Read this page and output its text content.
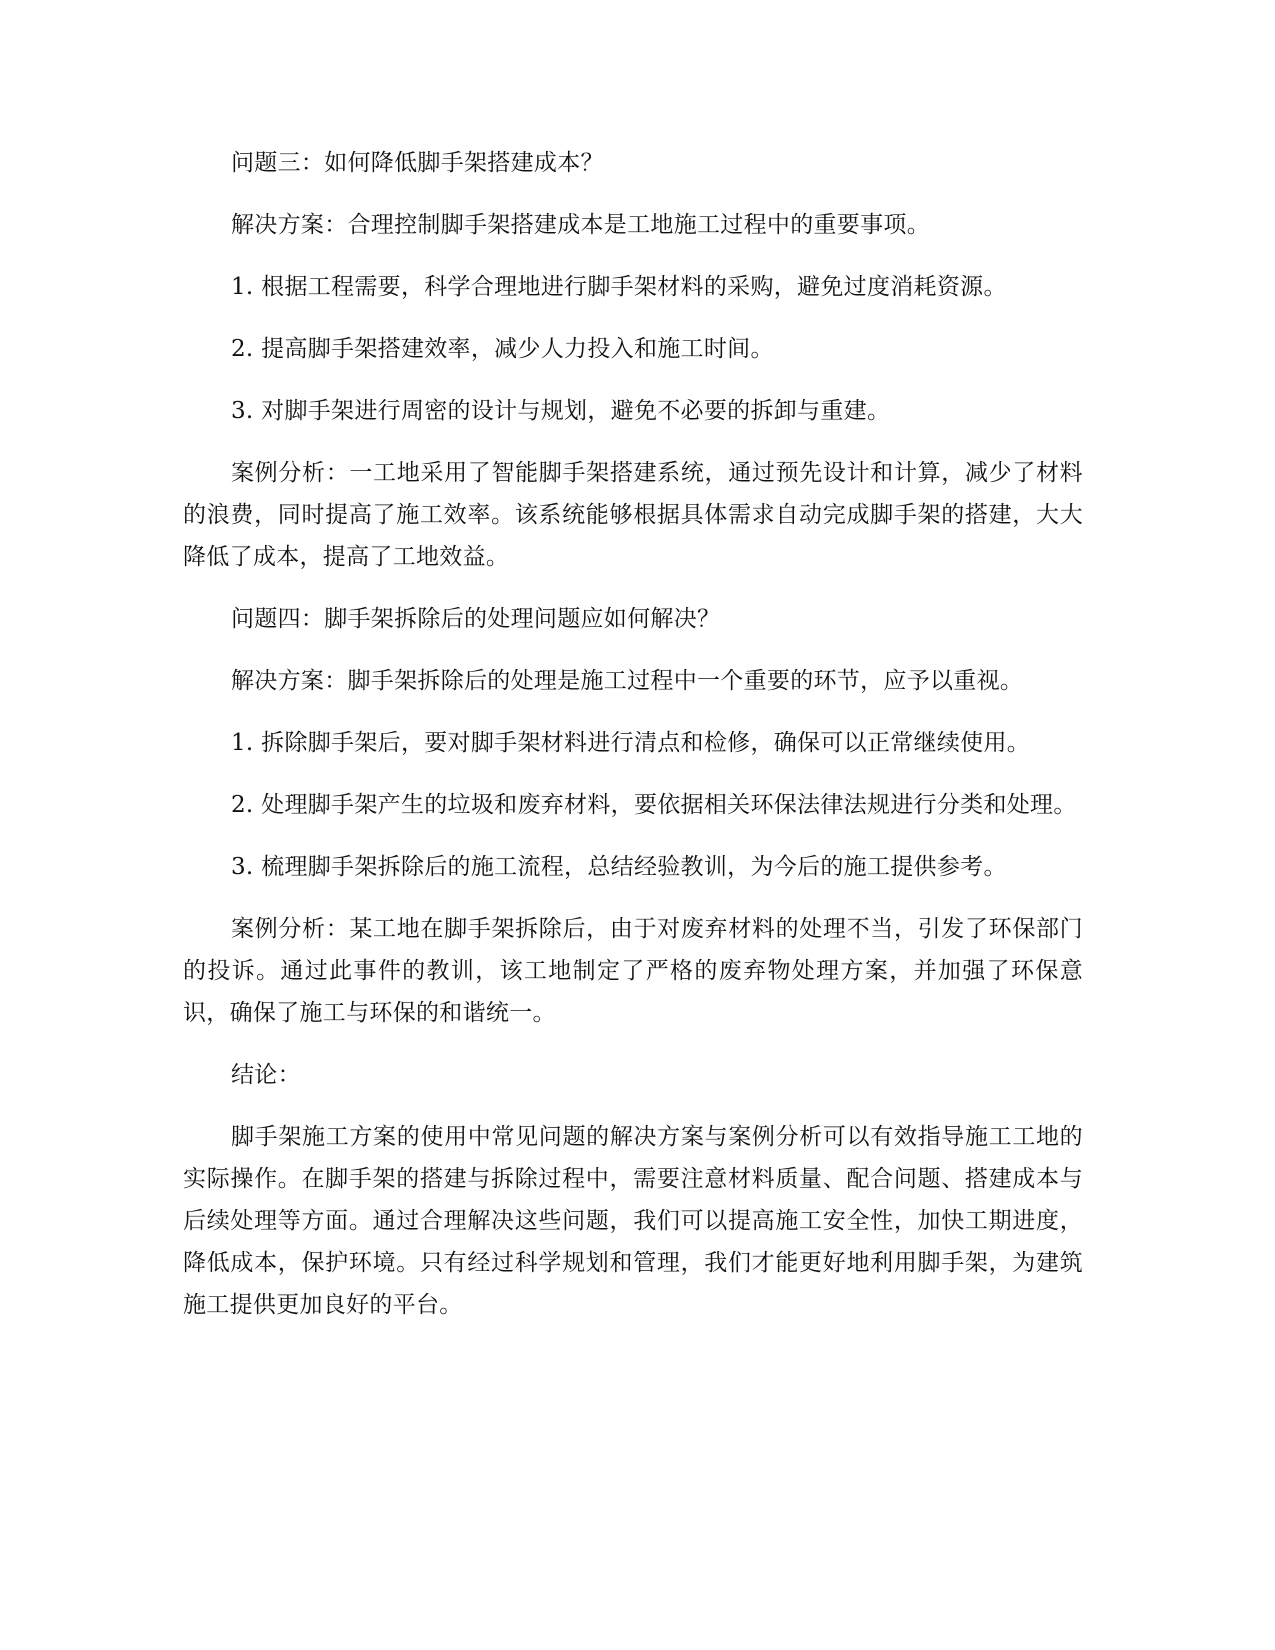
问题三：如何降低脚手架搭建成本？

解决方案：合理控制脚手架搭建成本是工地施工过程中的重要事项。

1. 根据工程需要，科学合理地进行脚手架材料的采购，避免过度消耗资源。

2. 提高脚手架搭建效率，减少人力投入和施工时间。

3. 对脚手架进行周密的设计与规划，避免不必要的拆卸与重建。

案例分析：一工地采用了智能脚手架搭建系统，通过预先设计和计算，减少了材料的浪费，同时提高了施工效率。该系统能够根据具体需求自动完成脚手架的搭建，大大降低了成本，提高了工地效益。

问题四：脚手架拆除后的处理问题应如何解决？

解决方案：脚手架拆除后的处理是施工过程中一个重要的环节，应予以重视。

1. 拆除脚手架后，要对脚手架材料进行清点和检修，确保可以正常继续使用。

2. 处理脚手架产生的垃圾和废弃材料，要依据相关环保法律法规进行分类和处理。

3. 梳理脚手架拆除后的施工流程，总结经验教训，为今后的施工提供参考。

案例分析：某工地在脚手架拆除后，由于对废弃材料的处理不当，引发了环保部门的投诉。通过此事件的教训，该工地制定了严格的废弃物处理方案，并加强了环保意识，确保了施工与环保的和谐统一。

结论：

脚手架施工方案的使用中常见问题的解决方案与案例分析可以有效指导施工工地的实际操作。在脚手架的搭建与拆除过程中，需要注意材料质量、配合问题、搭建成本与后续处理等方面。通过合理解决这些问题，我们可以提高施工安全性，加快工期进度，降低成本，保护环境。只有经过科学规划和管理，我们才能更好地利用脚手架，为建筑施工提供更加良好的平台。
